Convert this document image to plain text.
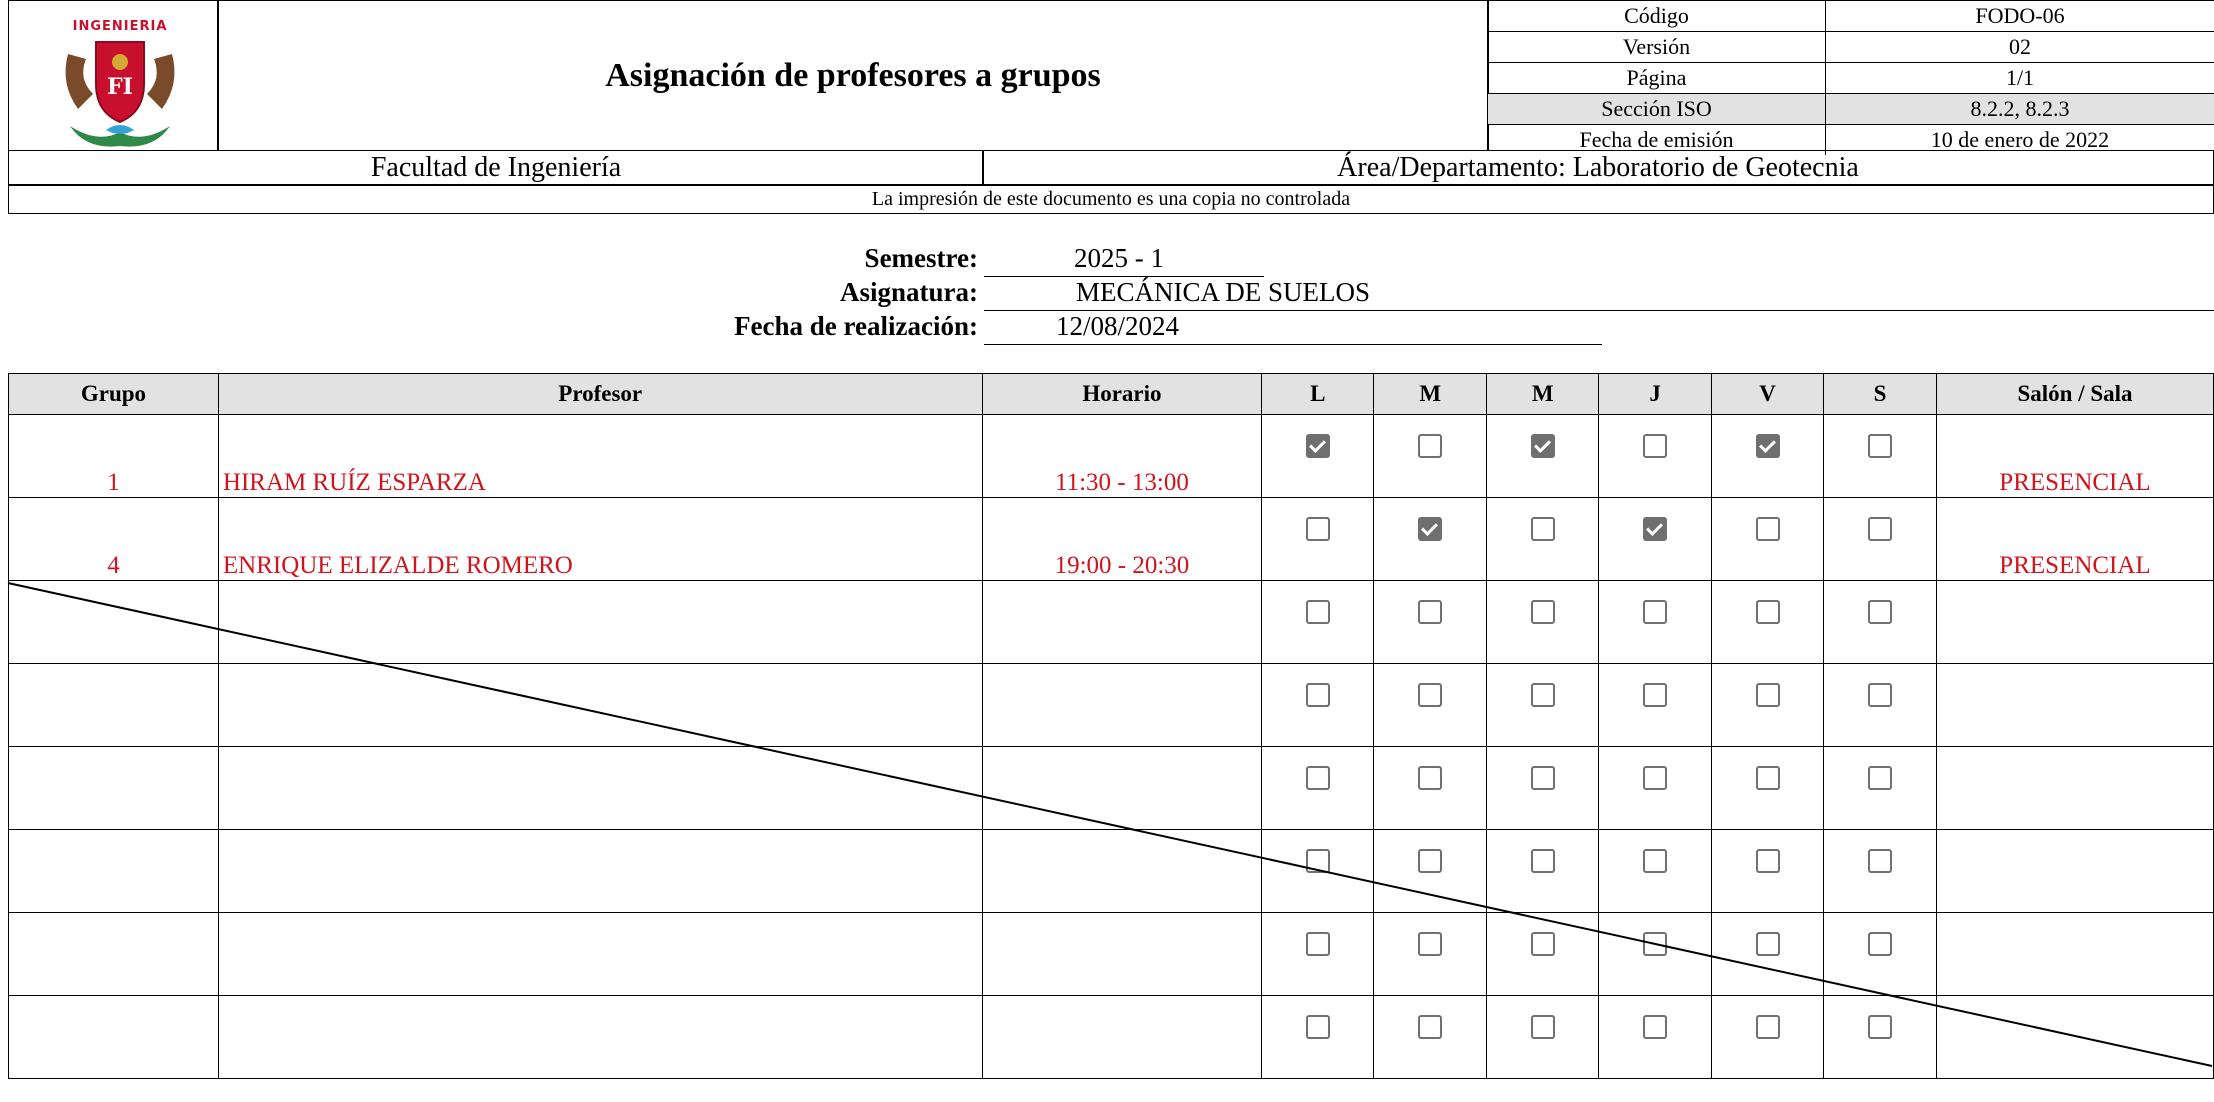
INGENIERIA
FI	Asignación de profesores a grupos
Código	FODO-06
Versión	02
Página	1/1
Sección ISO	8.2.2, 8.2.3
Fecha de emisión	10 de enero de 2022
Facultad de Ingeniería	Área/Departamento: Laboratorio de Geotecnia
La impresión de este documento es una copia no controlada
Semestre:	2025 - 1
Asignatura:	MECÁNICA DE SUELOS
Fecha de realización:	12/08/2024
Grupo	Profesor	Horario	L	M	M	J	V	S	Salón / Sala

1	HIRAM RUÍZ ESPARZA	11:30 - 13:00							PRESENCIAL

4	ENRIQUE ELIZALDE ROMERO	19:00 - 20:30							PRESENCIAL
